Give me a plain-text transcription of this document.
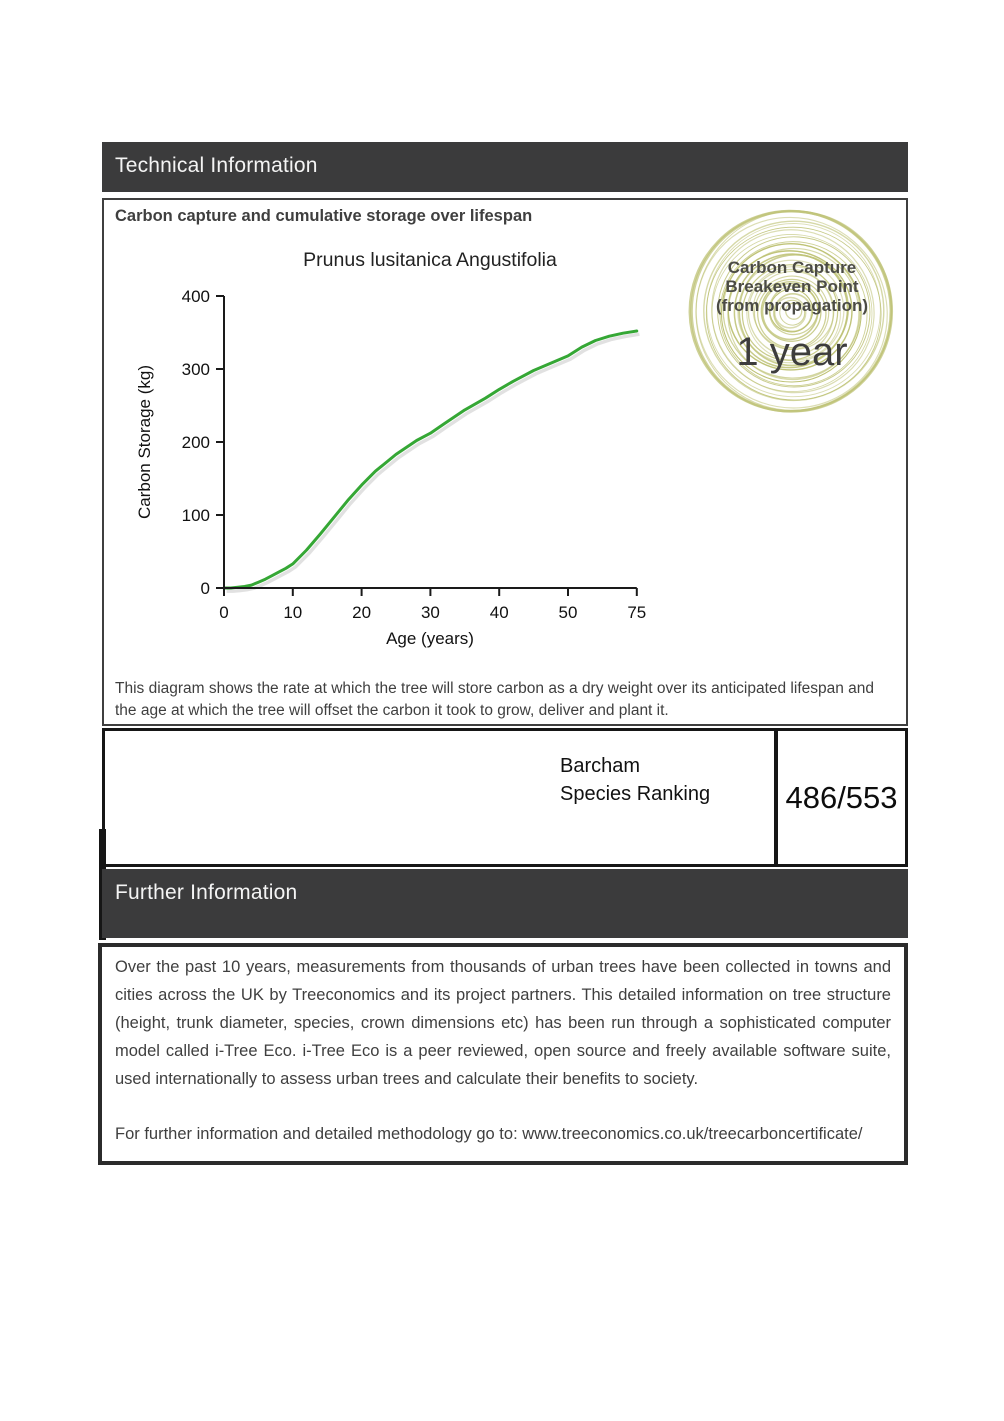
Technical Information
Carbon capture and cumulative storage over lifespan
Prunus lusitanica Angustifolia
0
100
200
300
400
0	10	20	30	40	50	75
Age (years)
Carbon Storage (kg)
Carbon Capture
Breakeven Point
(from propagation)
1 year
This diagram shows the rate at which the tree will store carbon as a dry weight over its anticipated lifespan and the age at which the tree will offset the carbon it took to grow, deliver and plant it.
Barcham
Species Ranking 486/553
Further Information

Over the past 10 years, measurements from thousands of urban trees have been collected in towns and cities across the UK by Treeconomics and its project partners. This detailed information on tree structure (height, trunk diameter, species, crown dimensions etc) has been run through a sophisticated computer model called i-Tree Eco. i-Tree Eco is a peer reviewed, open source and freely available software suite, used internationally to assess urban trees and calculate their benefits to society.

For further information and detailed methodology go to: www.treeconomics.co.uk/treecarboncertificate/
